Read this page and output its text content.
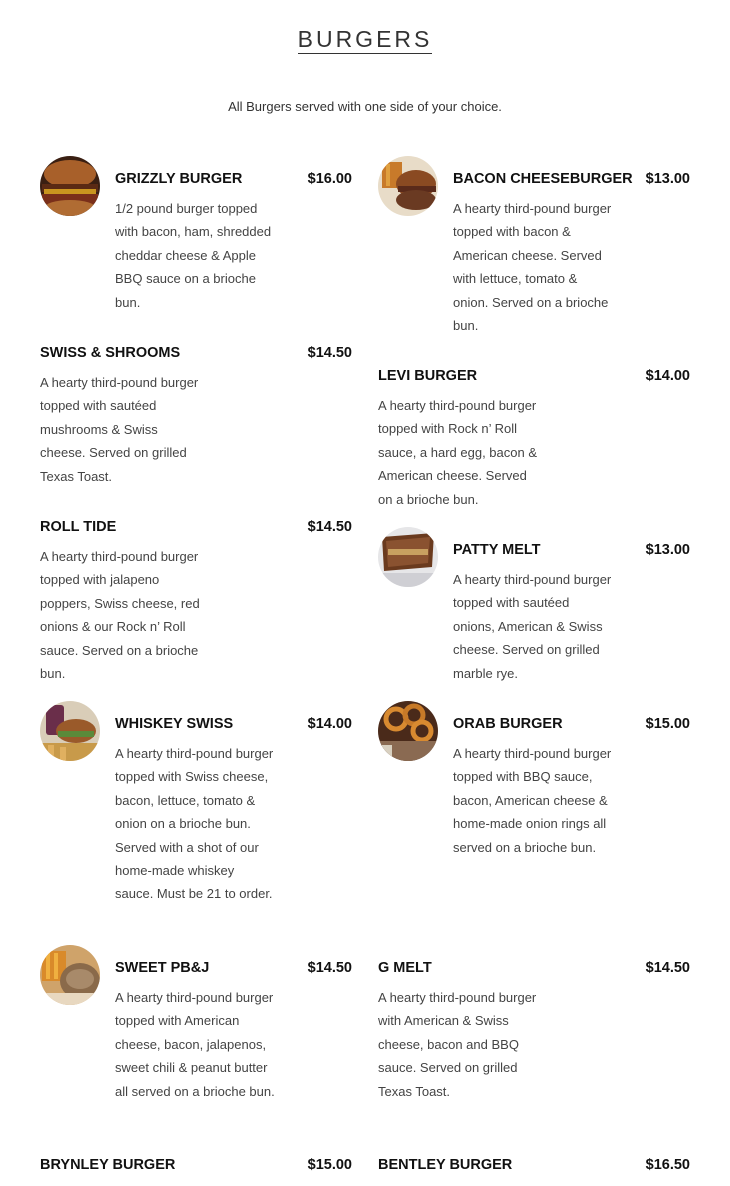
BURGERS
All Burgers served with one side of your choice.
GRIZZLY BURGER	$16.00
1/2 pound burger topped with bacon, ham, shredded cheddar cheese & Apple BBQ sauce on a brioche bun.
SWISS & SHROOMS	$14.50
A hearty third-pound burger topped with sautéed mushrooms & Swiss cheese. Served on grilled Texas Toast.
ROLL TIDE	$14.50
A hearty third-pound burger topped with jalapeno poppers, Swiss cheese, red onions & our Rock n’ Roll sauce. Served on a brioche bun.
WHISKEY SWISS	$14.00
A hearty third-pound burger topped with Swiss cheese, bacon, lettuce, tomato & onion on a brioche bun. Served with a shot of our home-made whiskey sauce. Must be 21 to order.
SWEET PB&J	$14.50
A hearty third-pound burger topped with American cheese, bacon, jalapenos, sweet chili & peanut butter all served on a brioche bun.
BRYNLEY BURGER	$15.00
BACON CHEESEBURGER $13.00
A hearty third-pound burger topped with bacon & American cheese. Served with lettuce, tomato & onion. Served on a brioche bun.
LEVI BURGER	$14.00
A hearty third-pound burger topped with Rock n’ Roll sauce, a hard egg, bacon & American cheese. Served on a brioche bun.
PATTY MELT	$13.00
A hearty third-pound burger topped with sautéed onions, American & Swiss cheese. Served on grilled marble rye.
ORAB BURGER	$15.00
A hearty third-pound burger topped with BBQ sauce, bacon, American cheese & home-made onion rings all served on a brioche bun.
G MELT	$14.50
A hearty third-pound burger with American & Swiss cheese, bacon and BBQ sauce. Served on grilled Texas Toast.
BENTLEY BURGER	$16.50
